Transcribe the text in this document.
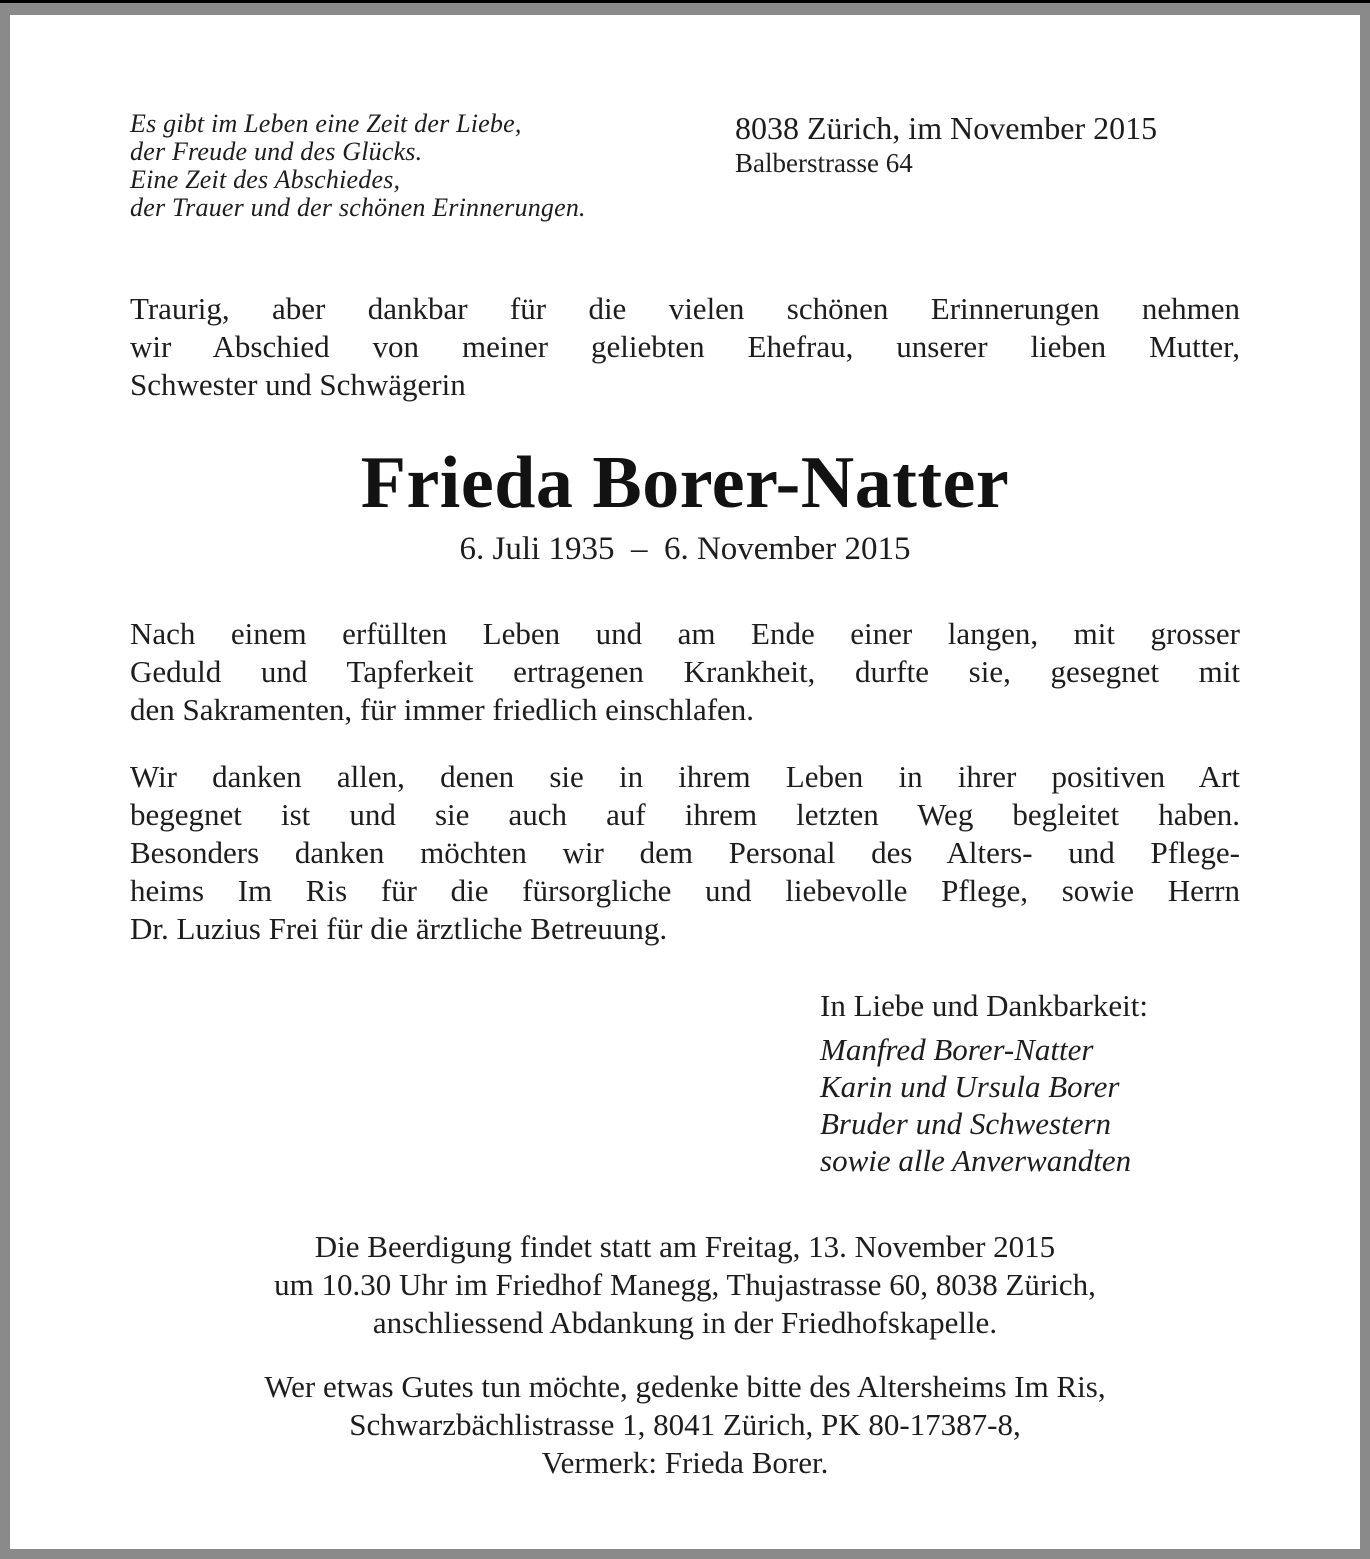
Es gibt im Leben eine Zeit der Liebe,
der Freude und des Glücks.
Eine Zeit des Abschiedes,
der Trauer und der schönen Erinnerungen.
8038 Zürich, im November 2015
Balberstrasse 64
Traurig, aber dankbar für die vielen schönen Erinnerungen nehmen
wir Abschied von meiner geliebten Ehefrau, unserer lieben Mutter,
Schwester und Schwägerin
Frieda Borer-Natter
6. Juli 1935  –  6. November 2015
Nach einem erfüllten Leben und am Ende einer langen, mit grosser
Geduld und Tapferkeit ertragenen Krankheit, durfte sie, gesegnet mit
den Sakramenten, für immer friedlich einschlafen.
Wir danken allen, denen sie in ihrem Leben in ihrer positiven Art
begegnet ist und sie auch auf ihrem letzten Weg begleitet haben.
Besonders danken möchten wir dem Personal des Alters- und Pflege-
heims Im Ris für die fürsorgliche und liebevolle Pflege, sowie Herrn
Dr. Luzius Frei für die ärztliche Betreuung.
In Liebe und Dankbarkeit:
Manfred Borer-Natter
Karin und Ursula Borer
Bruder und Schwestern
sowie alle Anverwandten
Die Beerdigung findet statt am Freitag, 13. November 2015
um 10.30 Uhr im Friedhof Manegg, Thujastrasse 60, 8038 Zürich,
anschliessend Abdankung in der Friedhofskapelle.
Wer etwas Gutes tun möchte, gedenke bitte des Altersheims Im Ris,
Schwarzbächlistrasse 1, 8041 Zürich, PK 80-17387-8,
Vermerk: Frieda Borer.
